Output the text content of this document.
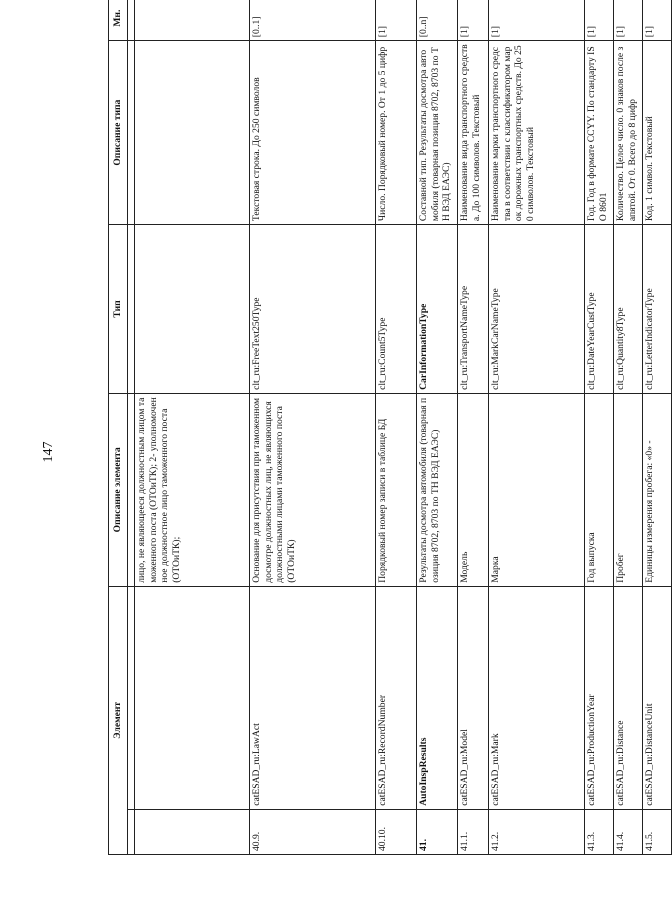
147
Элемент		Описание элемента	Тип	Описание типа	Мн.

		лицо, не являющееся должностным лицом таможенного поста (ОТОиТК); 2- уполномоченное должностное лицо таможенного поста (ОТОиТК);			
40.9.	catESAD_ru:LawAct	Основание для присутствия при таможенном досмотре должностных лиц, не являющихся должностными лицами таможенного поста (ОТОиТК)	clt_ru:FreeText250Type	Текстовая строка. До 250 символов	[0..1]
40.10.	catESAD_ru:RecordNumber	Порядковый номер записи в таблице БД	clt_ru:Count5Type	Число. Порядковый номер. От 1 до 5 цифр	[1]
41.	AutoInspResults	Результаты досмотра автомобиля (товарная позиция 8702, 8703 по ТН ВЭД ЕАЭС)	CarInformationType	Составной тип. Результаты досмотра автомобиля (товарная позиция 8702, 8703 по ТН ВЭД ЕАЭС)	[0..n]
41.1.	catESAD_ru:Model	Модель	clt_ru:TransportNameType	Наименование вида транспортного средства. До 100 символов. Текстовый	[1]
41.2.	catESAD_ru:Mark	Марка	clt_ru:MarkCarNameType	Наименование марки транспортного средства в соответствии с классификатором марок дорожных транспортных средств. До 250 символов. Текстовый	[1]
41.3.	catESAD_ru:ProductionYear	Год выпуска	clt_ru:DateYearCustType	Год. Год в формате CCYY. По стандарту ISO 8601	[1]
41.4.	catESAD_ru:Distance	Пробег	clt_ru:Quantity8Type	Количество. Целое число. 0 знаков после запятой. От 0. Всего до 8 цифр	[1]
41.5.	catESAD_ru:DistanceUnit	Единицы измерения пробега: «0» -	clt_ru:LetterIndicatorType	Код. 1 символ. Текстовый	[1]
